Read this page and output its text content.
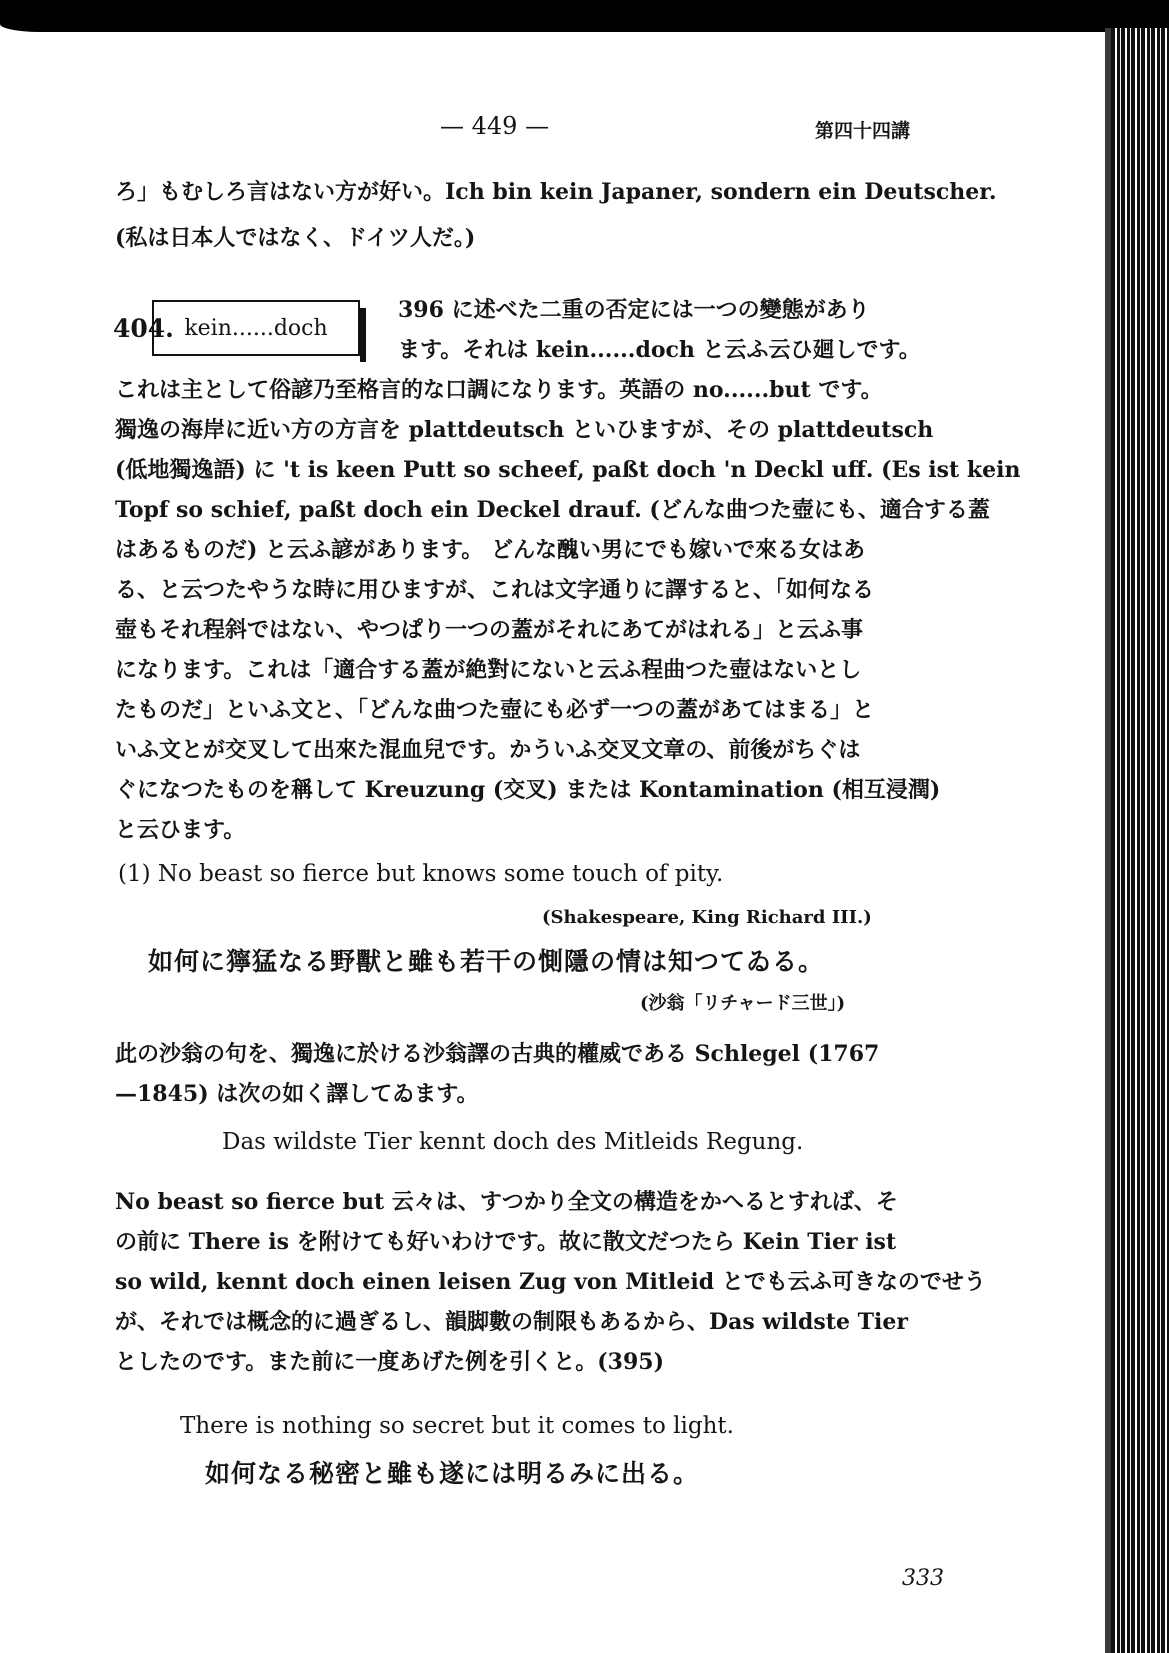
— 449 —	第四十四講
ろ」もむしろ言はない方が好い。Ich bin kein Japaner, sondern ein Deutscher.
(私は日本人ではなく、ドイツ人だ。)
404. kein......doch
396 に述べた二重の否定には一つの變態があり
ます。それは kein......doch と云ふ云ひ廻しです。
これは主として俗諺乃至格言的な口調になります。英語の no......but です。
獨逸の海岸に近い方の方言を plattdeutsch といひますが、その plattdeutsch
(低地獨逸語) に 't is keen Putt so scheef, paßt doch 'n Deckl uff. (Es ist kein
Topf so schief, paßt doch ein Deckel drauf. (どんな曲つた壺にも、適合する蓋
はあるものだ) と云ふ諺があります。 どんな醜い男にでも嫁いで來る女はあ
る、と云つたやうな時に用ひますが、これは文字通りに譯すると、「如何なる
壺もそれ程斜ではない、やつぱり一つの蓋がそれにあてがはれる」と云ふ事
になります。これは「適合する蓋が絶對にないと云ふ程曲つた壺はないとし
たものだ」といふ文と、「どんな曲つた壺にも必ず一つの蓋があてはまる」と
いふ文とが交叉して出來た混血兒です。かういふ交叉文章の、前後がちぐは
ぐになつたものを稱して Kreuzung (交叉) または Kontamination (相互浸潤)
と云ひます。
(1) No beast so fierce but knows some touch of pity.
(Shakespeare, King Richard III.)
如何に獰猛なる野獸と雖も若干の惻隱の情は知つてゐる。
(沙翁「リチャード三世」)
此の沙翁の句を、獨逸に於ける沙翁譯の古典的權威である Schlegel (1767
—1845) は次の如く譯してゐます。
Das wildste Tier kennt doch des Mitleids Regung.
No beast so fierce but 云々は、すつかり全文の構造をかへるとすれば、そ
の前に There is を附けても好いわけです。故に散文だつたら Kein Tier ist
so wild, kennt doch einen leisen Zug von Mitleid とでも云ふ可きなのでせう
が、それでは概念的に過ぎるし、韻脚數の制限もあるから、Das wildste Tier
としたのです。また前に一度あげた例を引くと。(395)
There is nothing so secret but it comes to light.
如何なる秘密と雖も遂には明るみに出る。
333
